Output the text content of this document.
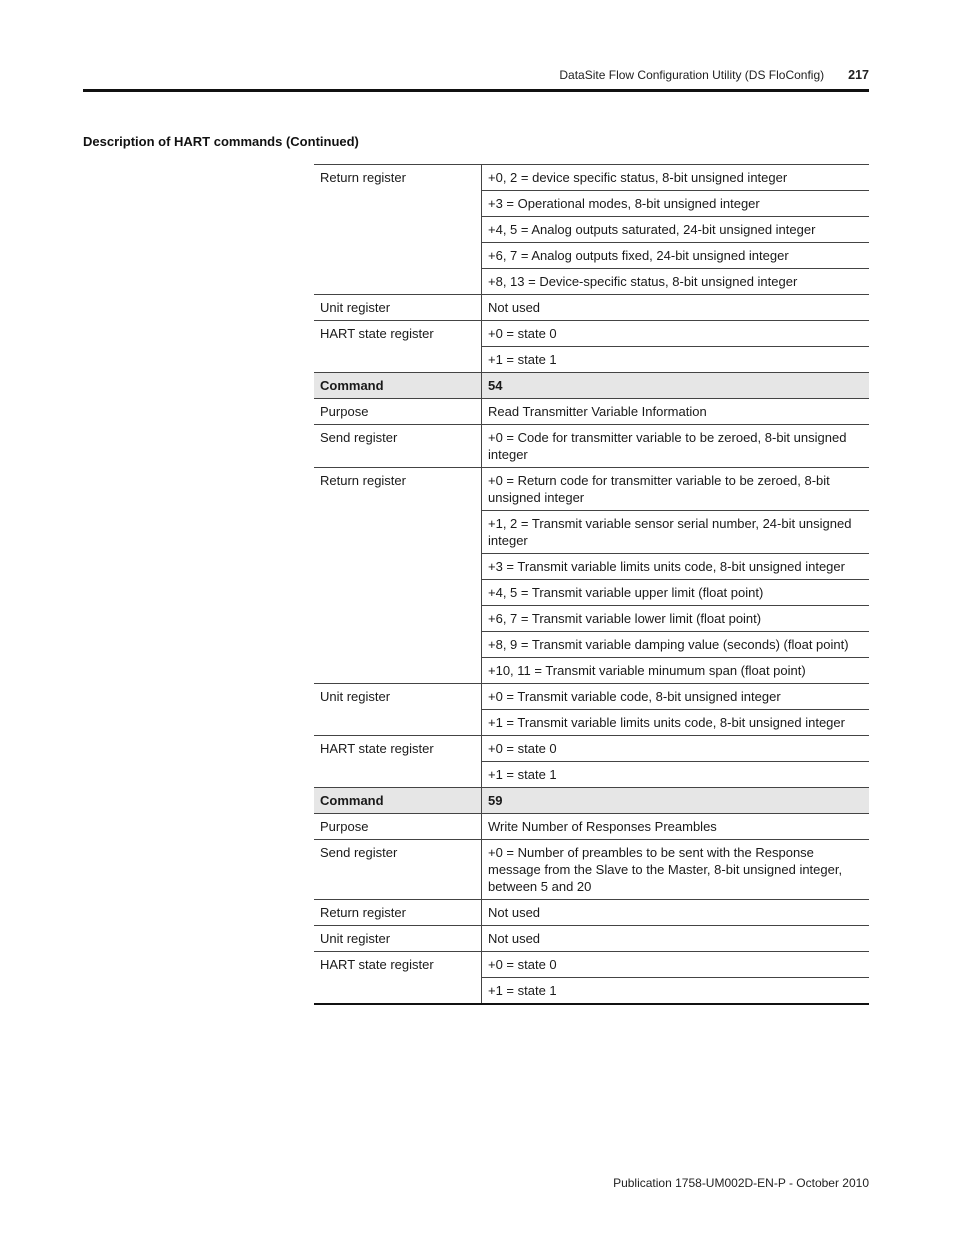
DataSite Flow Configuration Utility (DS FloConfig) 217
Description of HART commands (Continued)
Return register	+0, 2 = device specific status, 8-bit unsigned integer
	+3 = Operational modes, 8-bit unsigned integer
	+4, 5 = Analog outputs saturated, 24-bit unsigned integer
	+6, 7 = Analog outputs fixed, 24-bit unsigned integer
	+8, 13 = Device-specific status, 8-bit unsigned integer
Unit register	Not used
HART state register	+0 = state 0
	+1 = state 1
Command	54
Purpose	Read Transmitter Variable Information
Send register	+0 = Code for transmitter variable to be zeroed, 8-bit unsigned integer
Return register	+0 = Return code for transmitter variable to be zeroed, 8-bit unsigned integer
	+1, 2 = Transmit variable sensor serial number, 24-bit unsigned integer
	+3 = Transmit variable limits units code, 8-bit unsigned integer
	+4, 5 = Transmit variable upper limit (float point)
	+6, 7 = Transmit variable lower limit (float point)
	+8, 9 = Transmit variable damping value (seconds) (float point)
	+10, 11 = Transmit variable minumum span (float point)
Unit register	+0 = Transmit variable code, 8-bit unsigned integer
	+1 = Transmit variable limits units code, 8-bit unsigned integer
HART state register	+0 = state 0
	+1 = state 1
Command	59
Purpose	Write Number of Responses Preambles
Send register	+0 = Number of preambles to be sent with the Response message from the Slave to the Master, 8-bit unsigned integer, between 5 and 20
Return register	Not used
Unit register	Not used
HART state register	+0 = state 0
	+1 = state 1
Publication 1758-UM002D-EN-P - October 2010
